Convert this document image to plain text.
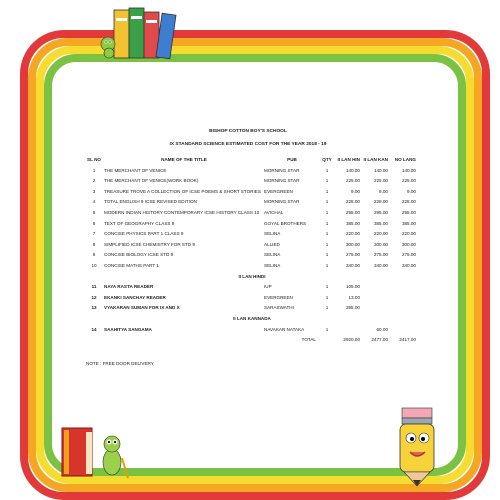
BISHOP COTTON BOY'S SCHOOL
IX STANDARD SCIENCE ESTIMATED COST FOR THE YEAR 2018 - 19
SL NO	NAME OF THE TITLE	PUB	QTY	II LAN HIN	II LAN KAN	NO LANG
1	THE MERCHANT OF VENICE	MORNING STAR	1	140.00	140.00	140.00
2	THE MERCHANT OF VENICE(WORK BOOK)	MORNING STAR	1	225.00	225.00	225.00
3	TREASURE TROVE A COLLECTION OF ICSE POEMS & SHORT STORIES	EVERGREEN	1	9.00	9.00	9.00
4	TOTAL ENGLISH 9 ICSE REVISED EDITION	MORNING STAR	1	228.00	228.00	228.00
5	MODERN INDIAN HISTORY CONTEMPORARY ICSE HISTORY CLASS 10	AVICHAL	1	295.00	295.00	295.00
6	TEXT OF GEOGRAPHY CLASS 9	GOYAL BROTHERS	1	385.00	385.00	385.00
7	CONCISE PHYSICS PART 1 CLASS 9	SELINA	1	220.00	220.00	220.00
8	SIMPLIFIED ICSE CHEMISTRY FOR STD 9	ALLIED	1	300.00	300.00	300.00
9	CONCISE BIOLOGY ICSE STD 9	SELINA	1	275.00	275.00	275.00
10	CONCISE MATHS PART 1	SELINA	1	340.00	340.00	340.00
II LAN HINDI						
11	NAYA RASTA READER	IUP	1	105.00		
12	EKANKI SANCHAY READER	EVERGREEN	1	13.00		
13	VYAKARAN SUMAN FOR IX AND X	SARASWATHI	1	395.00		
II LAN KANNADA						
14	SAAHITYA SANGAMA	NAVAKAR NATAKA	1		60.00	
		TOTAL		2920.00	2477.00	2417.00
NOTE : FREE DOOR DELIVERY
